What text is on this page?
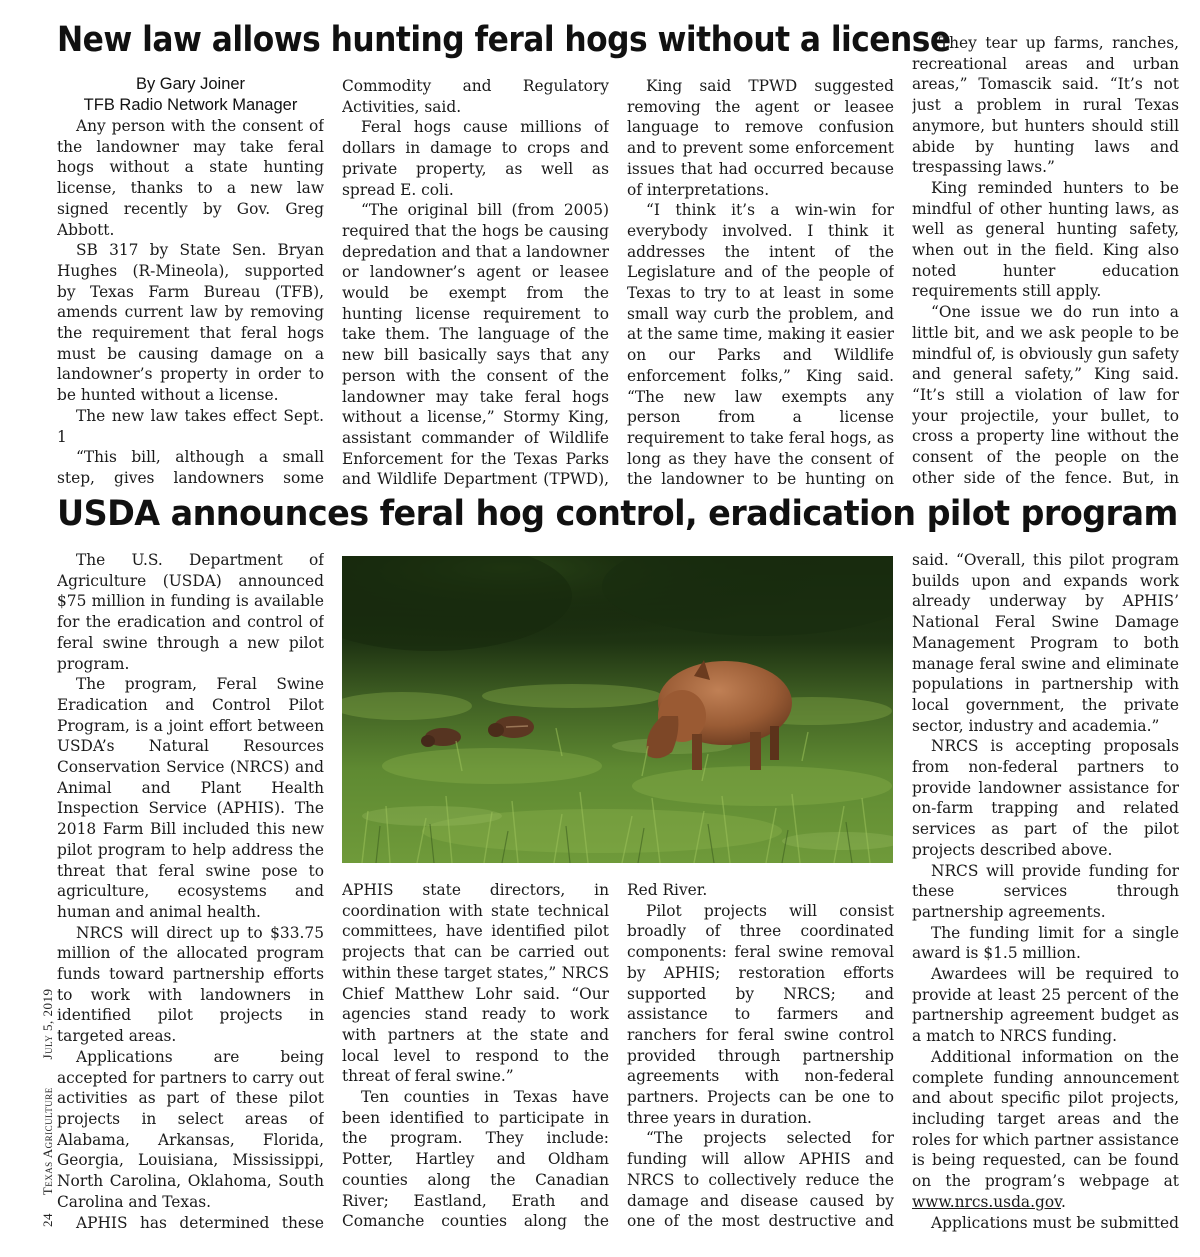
New law allows hunting feral hogs without a license
By Gary Joiner
TFB Radio Network Manager

Any person with the consent of the landowner may take feral hogs without a state hunting license, thanks to a new law signed recently by Gov. Greg Abbott.

SB 317 by State Sen. Bryan Hughes (R-Mineola), supported by Texas Farm Bureau (TFB), amends current law by removing the requirement that feral hogs must be causing damage on a landowner’s property in order to be hunted without a license.

The new law takes effect Sept. 1

“This bill, although a small step, gives landowners some

Commodity and Regulatory Activities, said.

Feral hogs cause millions of dollars in damage to crops and private property, as well as spread E. coli.

“The original bill (from 2005) required that the hogs be causing depredation and that a landowner or landowner’s agent or leasee would be exempt from the hunting license requirement to take them. The language of the new bill basically says that any person with the consent of the landowner may take feral hogs without a license,” Stormy King, assistant commander of Wildlife Enforcement for the Texas Parks and Wildlife Department (TPWD),

King said TPWD suggested removing the agent or leasee language to remove confusion and to prevent some enforcement issues that had occurred because of interpretations.

“I think it’s a win-win for everybody involved. I think it addresses the intent of the Legislature and of the people of Texas to try to at least in some small way curb the problem, and at the same time, making it easier on our Parks and Wildlife enforcement folks,” King said. “The new law exempts any person from a license requirement to take feral hogs, as long as they have the consent of the landowner to be hunting on

“They tear up farms, ranches, recreational areas and urban areas,” Tomascik said. “It’s not just a problem in rural Texas anymore, but hunters should still abide by hunting laws and trespassing laws.”

King reminded hunters to be mindful of other hunting laws, as well as general hunting safety, when out in the field. King also noted hunter education requirements still apply.

“One issue we do run into a little bit, and we ask people to be mindful of, is obviously gun safety and general safety,” King said. “It’s still a violation of law for your projectile, your bullet, to cross a property line without the consent of the people on the other side of the fence. But, in

USDA announces feral hog control, eradication pilot program

The U.S. Department of Agriculture (USDA) announced $75 million in funding is available for the eradication and control of feral swine through a new pilot program.

The program, Feral Swine Eradication and Control Pilot Program, is a joint effort between USDA’s Natural Resources Conservation Service (NRCS) and Animal and Plant Health Inspection Service (APHIS). The 2018 Farm Bill included this new pilot program to help address the threat that feral swine pose to agriculture, ecosystems and human and animal health.

NRCS will direct up to $33.75 million of the allocated program funds toward partnership efforts to work with landowners in identified pilot projects in targeted areas.

Applications are being accepted for partners to carry out activities as part of these pilot projects in select areas of Alabama, Arkansas, Florida, Georgia, Louisiana, Mississippi, North Carolina, Oklahoma, South Carolina and Texas.

APHIS has determined these

APHIS state directors, in coordination with state technical committees, have identified pilot projects that can be carried out within these target states,” NRCS Chief Matthew Lohr said. “Our agencies stand ready to work with partners at the state and local level to respond to the threat of feral swine.”

Ten counties in Texas have been identified to participate in the program. They include: Potter, Hartley and Oldham counties along the Canadian River; Eastland, Erath and Comanche counties along the

Red River.

Pilot projects will consist broadly of three coordinated components: feral swine removal by APHIS; restoration efforts supported by NRCS; and assistance to farmers and ranchers for feral swine control provided through partnership agreements with non-federal partners. Projects can be one to three years in duration.

“The projects selected for funding will allow APHIS and NRCS to collectively reduce the damage and disease caused by one of the most destructive and

said. “Overall, this pilot program builds upon and expands work already underway by APHIS’ National Feral Swine Damage Management Program to both manage feral swine and eliminate populations in partnership with local government, the private sector, industry and academia.”

NRCS is accepting proposals from non-federal partners to provide landowner assistance for on-farm trapping and related services as part of the pilot projects described above.

NRCS will provide funding for these services through partnership agreements.

The funding limit for a single award is $1.5 million.

Awardees will be required to provide at least 25 percent of the partnership agreement budget as a match to NRCS funding.

Additional information on the complete funding announcement and about specific pilot projects, including target areas and the roles for which partner assistance is being requested, can be found on the program’s webpage at www.nrcs.usda.gov.

Applications must be submitted

24 Texas Agriculture July 5, 2019
